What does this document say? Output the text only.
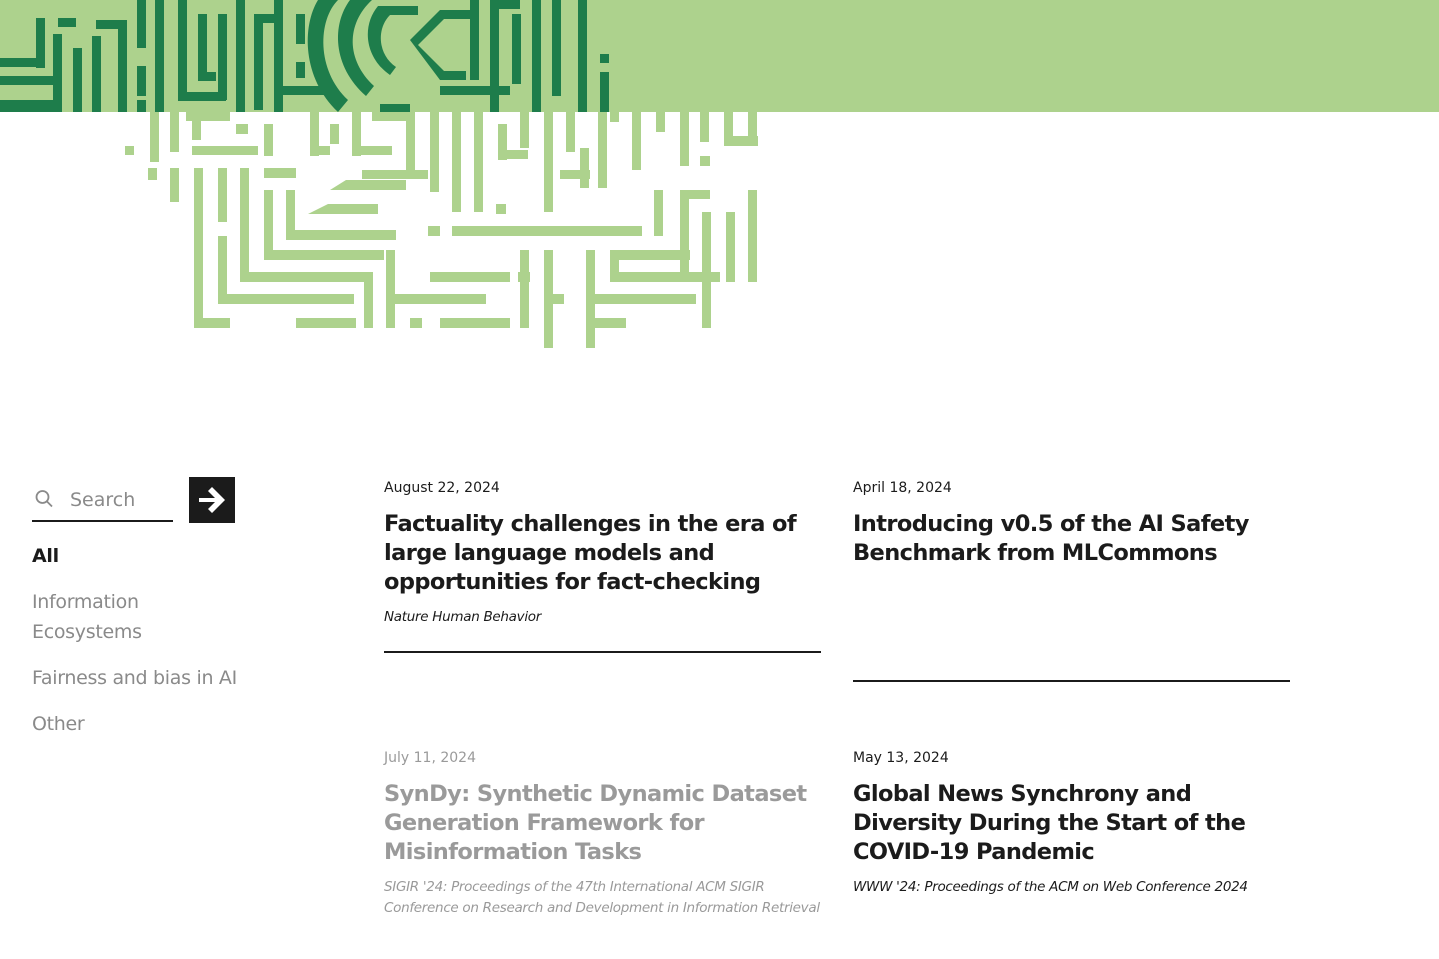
Search
All
Information Ecosystems
Fairness and bias in AI
Other

August 22, 2024

Factuality challenges in the era of large language models and opportunities for fact-checking
Nature Human Behavior

April 18, 2024

Introducing v0.5 of the AI Safety Benchmark from MLCommons

July 11, 2024

SynDy: Synthetic Dynamic Dataset Generation Framework for Misinformation Tasks
SIGIR '24: Proceedings of the 47th International ACM SIGIR Conference on Research and Development in Information Retrieval

May 13, 2024

Global News Synchrony and Diversity During the Start of the COVID-19 Pandemic
WWW '24: Proceedings of the ACM on Web Conference 2024
